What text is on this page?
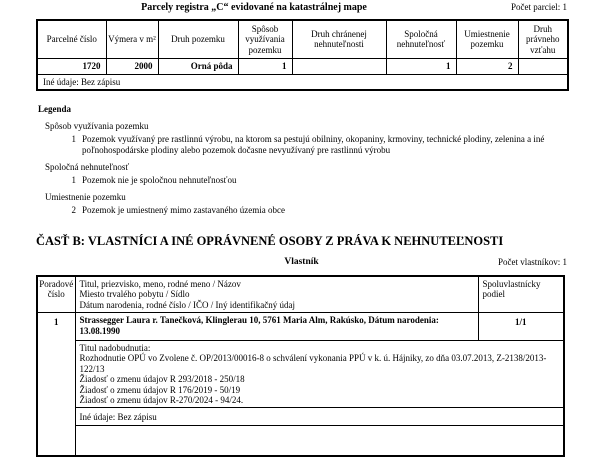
Parcely registra „C“ evidované na katastrálnej mape	Počet parciel: 1
Parcelné číslo	Výmera v m²	Druh pozemku	Spôsob využívania pozemku	Druh chránenej nehnuteľnosti	Spoločná nehnuteľnosť	Umiestnenie pozemku	Druh právneho vzťahu
1720	2000	Orná pôda	1		1	2	
Iné údaje: Bez zápisu							
Legenda
Spôsob využívania pozemku
1 Pozemok využívaný pre rastlinnú výrobu, na ktorom sa pestujú obilniny, okopaniny, krmoviny, technické plodiny, zelenina a iné poľnohospodárske plodiny alebo pozemok dočasne nevyužívaný pre rastlinnú výrobu
Spoločná nehnuteľnosť
1 Pozemok nie je spoločnou nehnuteľnosťou
Umiestnenie pozemku
2 Pozemok je umiestnený mimo zastavaného územia obce
ČASŤ B: VLASTNÍCI A INÉ OPRÁVNENÉ OSOBY Z PRÁVA K NEHNUTEĽNOSTI
Vlastník	Počet vlastníkov: 1
Poradové číslo	Titul, priezvisko, meno, rodné meno / Názov
Miesto trvalého pobytu / Sídlo
Dátum narodenia, rodné číslo / IČO / Iný identifikačný údaj	Spoluvlastnícky podiel
1	Strassegger Laura r. Tanečková, Klinglerau 10, 5761 Maria Alm, Rakúsko, Dátum narodenia: 13.08.1990	1/1

	Titul nadobudnutia:
Rozhodnutie OPÚ vo Zvolene č. OP/2013/00016-8 o schválení vykonania PPÚ v k. ú. Hájniky, zo dňa 03.07.2013, Z-2138/2013-122/13
Žiadosť o zmenu údajov R 293/2018 - 250/18
Žiadosť o zmenu údajov R 176/2019 - 50/19
Žiadosť o zmenu údajov R-270/2024 - 94/24.	

	Iné údaje: Bez zápisu	
